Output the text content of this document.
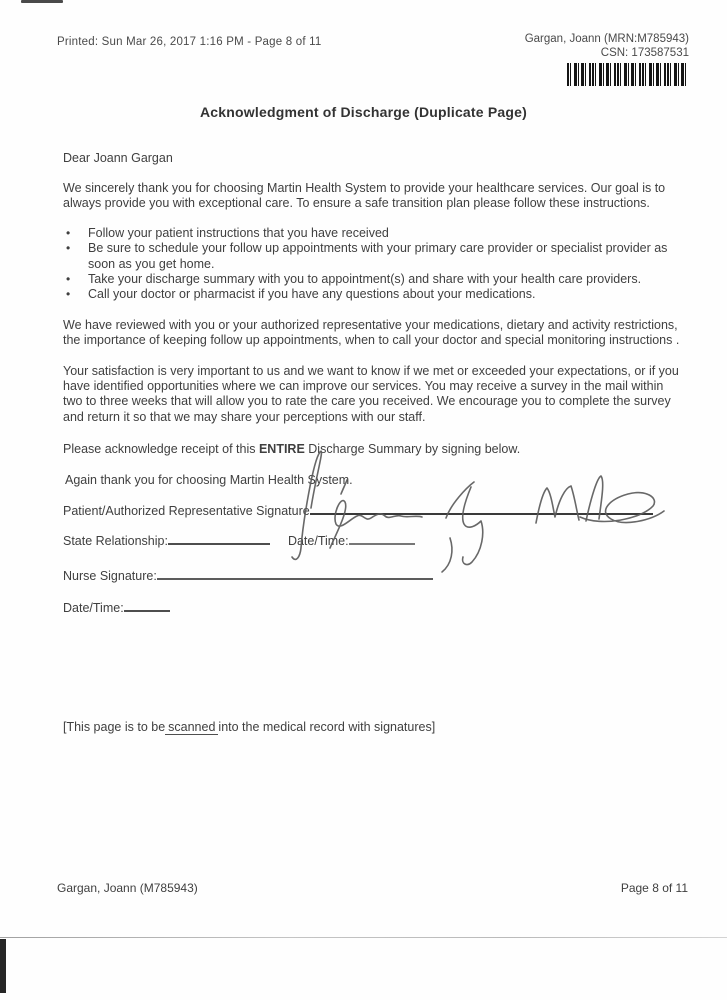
Printed: Sun Mar 26, 2017 1:16 PM - Page 8 of 11	Gargan, Joann (MRN:M785943)
CSN: 173587531
Acknowledgment of Discharge (Duplicate Page)
Dear Joann Gargan
We sincerely thank you for choosing Martin Health System to provide your healthcare services. Our goal is to always provide you with exceptional care. To ensure a safe transition plan please follow these instructions.
• Follow your patient instructions that you have received
• Be sure to schedule your follow up appointments with your primary care provider or specialist provider as soon as you get home.
• Take your discharge summary with you to appointment(s) and share with your health care providers.
• Call your doctor or pharmacist if you have any questions about your medications.
We have reviewed with you or your authorized representative your medications, dietary and activity restrictions, the importance of keeping follow up appointments, when to call your doctor and special monitoring instructions .
Your satisfaction is very important to us and we want to know if we met or exceeded your expectations, or if you have identified opportunities where we can improve our services. You may receive a survey in the mail within two to three weeks that will allow you to rate the care you received. We encourage you to complete the survey and return it so that we may share your perceptions with our staff.
Please acknowledge receipt of this ENTIRE Discharge Summary by signing below.
Again thank you for choosing Martin Health System.
Patient/Authorized Representative Signature
State Relationship:	Date/Time:
Nurse Signature:
Date/Time:
[This page is to be scanned into the medical record with signatures]
Gargan, Joann (M785943)	Page 8 of 11
